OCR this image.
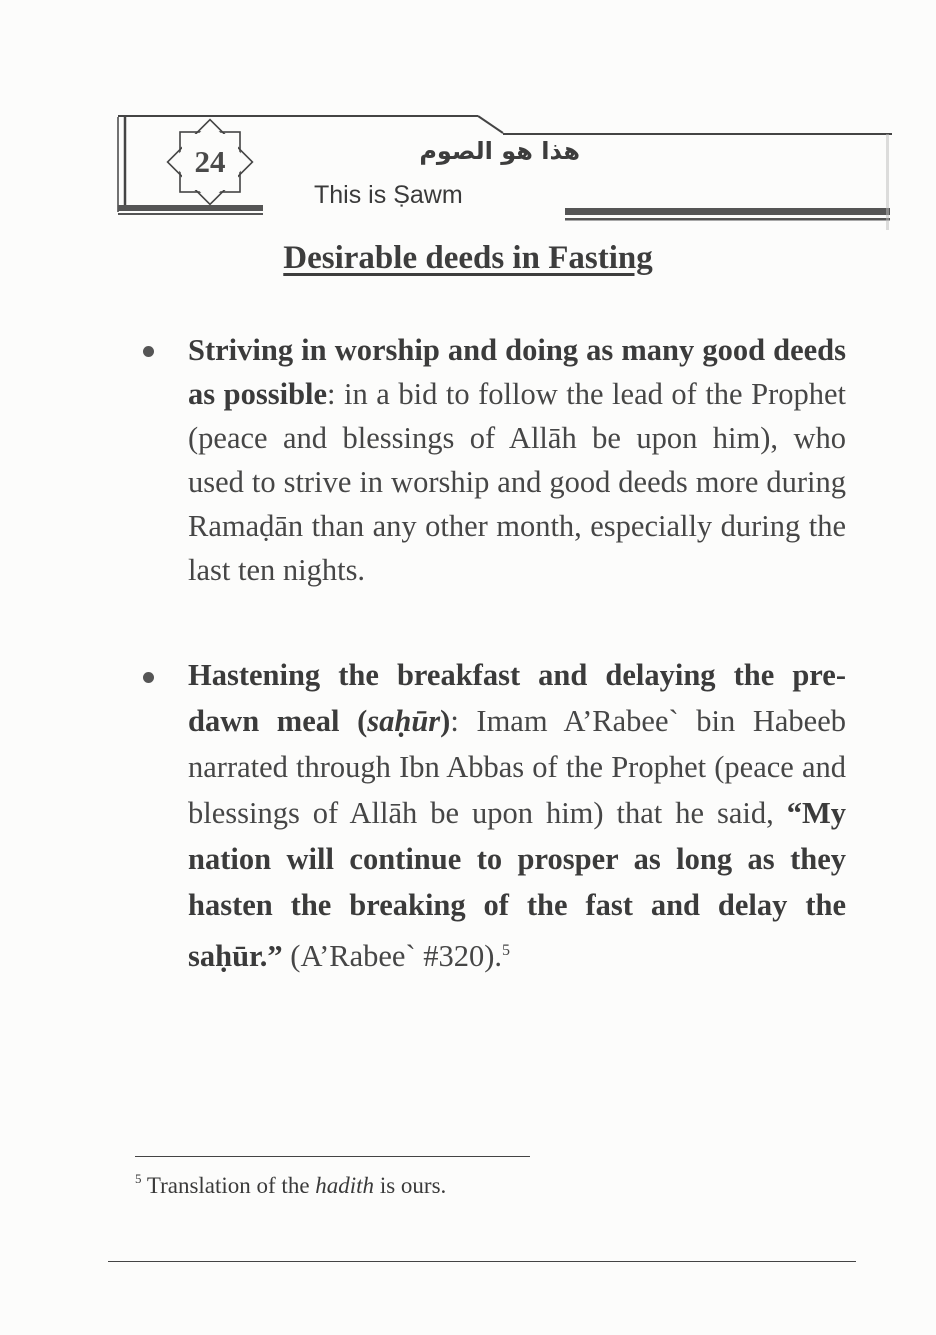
24	هذا هو الصوم
This is Ṣawm
Desirable deeds in Fasting
Striving in worship and doing as many good deeds as possible: in a bid to follow the lead of the Prophet (peace and blessings of Allāh be upon him), who used to strive in worship and good deeds more during Ramaḍān than any other month, especially during the last ten nights.
Hastening the breakfast and delaying the pre-dawn meal (saḥūr): Imam A’Rabee` bin Habeeb narrated through Ibn Abbas of the Prophet (peace and blessings of Allāh be upon him) that he said, “My nation will continue to prosper as long as they hasten the breaking of the fast and delay the saḥūr.” (A’Rabee` #320).$^5$
$^5$ Translation of the hadith is ours.
